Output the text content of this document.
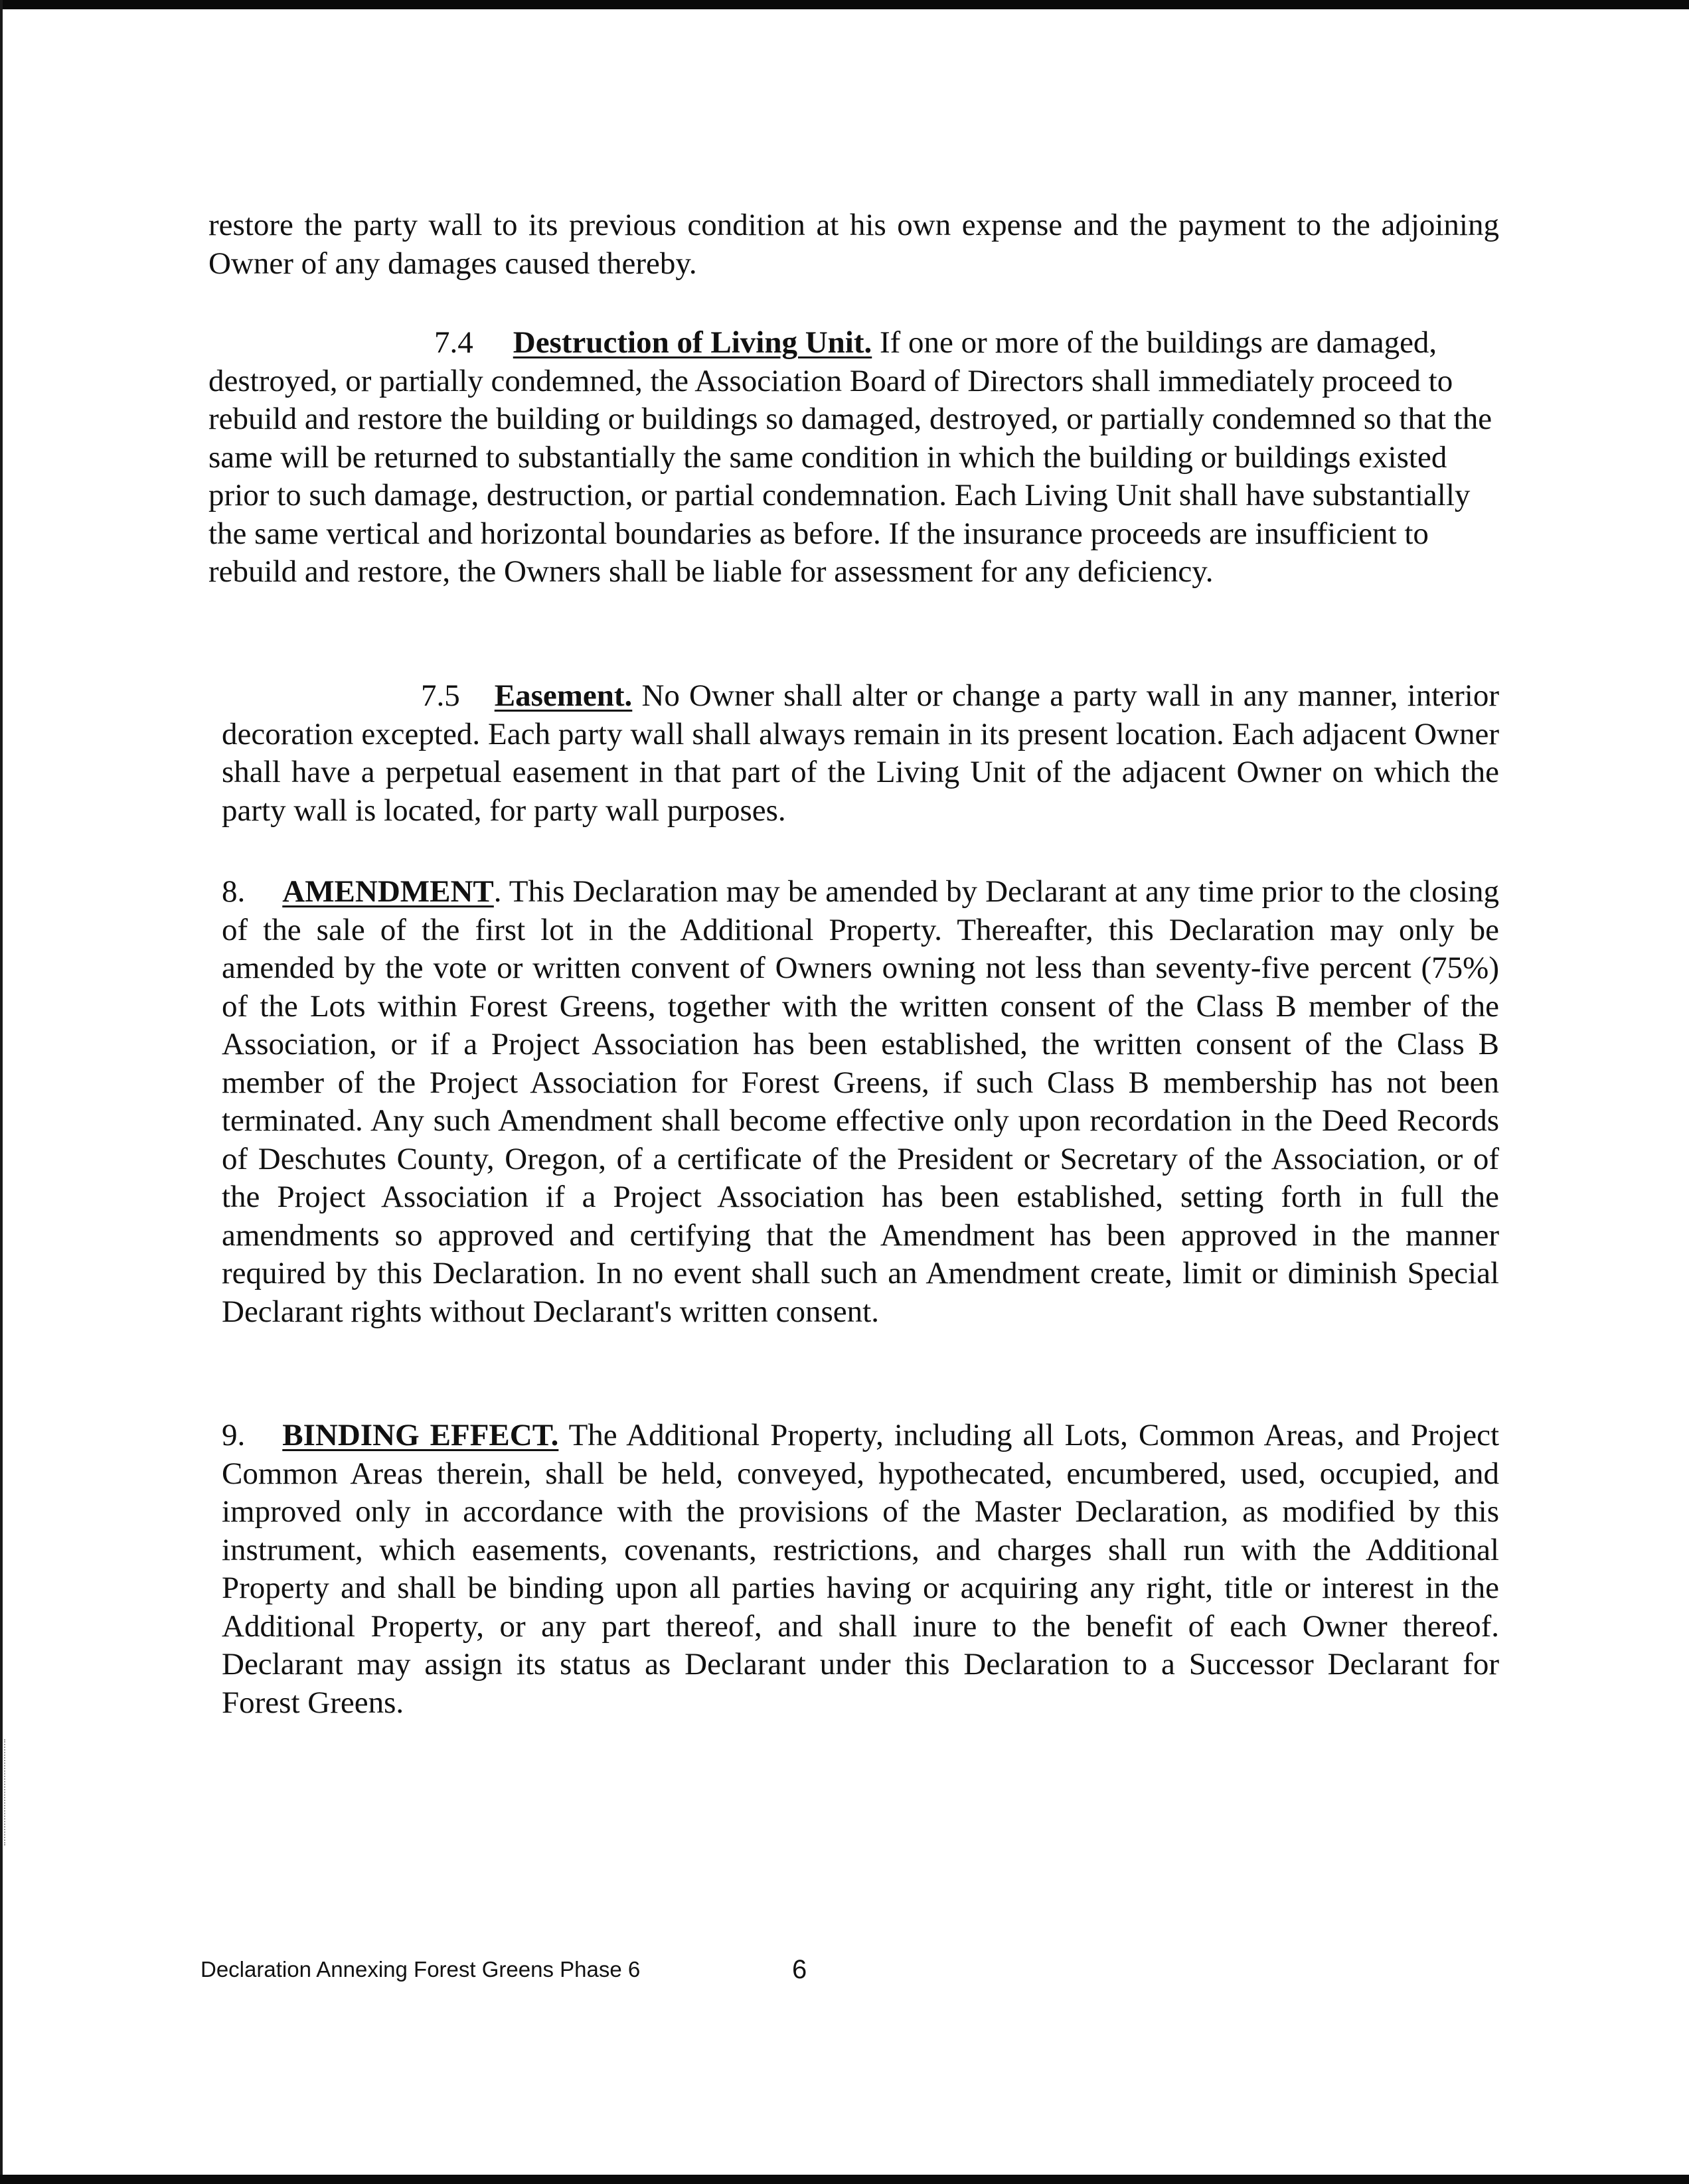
restore the party wall to its previous condition at his own expense and the payment to the adjoining Owner of any damages caused thereby.

7.4 Destruction of Living Unit. If one or more of the buildings are damaged, destroyed, or partially condemned, the Association Board of Directors shall immediately proceed to rebuild and restore the building or buildings so damaged, destroyed, or partially condemned so that the same will be returned to substantially the same condition in which the building or buildings existed prior to such damage, destruction, or partial condemnation. Each Living Unit shall have substantially the same vertical and horizontal boundaries as before. If the insurance proceeds are insufficient to rebuild and restore, the Owners shall be liable for assessment for any deficiency.

7.5 Easement. No Owner shall alter or change a party wall in any manner, interior decoration excepted. Each party wall shall always remain in its present location. Each adjacent Owner shall have a perpetual easement in that part of the Living Unit of the adjacent Owner on which the party wall is located, for party wall purposes.

8. AMENDMENT. This Declaration may be amended by Declarant at any time prior to the closing of the sale of the first lot in the Additional Property. Thereafter, this Declaration may only be amended by the vote or written convent of Owners owning not less than seventy-five percent (75%) of the Lots within Forest Greens, together with the written consent of the Class B member of the Association, or if a Project Association has been established, the written consent of the Class B member of the Project Association for Forest Greens, if such Class B membership has not been terminated. Any such Amendment shall become effective only upon recordation in the Deed Records of Deschutes County, Oregon, of a certificate of the President or Secretary of the Association, or of the Project Association if a Project Association has been established, setting forth in full the amendments so approved and certifying that the Amendment has been approved in the manner required by this Declaration. In no event shall such an Amendment create, limit or diminish Special Declarant rights without Declarant's written consent.

9. BINDING EFFECT. The Additional Property, including all Lots, Common Areas, and Project Common Areas therein, shall be held, conveyed, hypothecated, encumbered, used, occupied, and improved only in accordance with the provisions of the Master Declaration, as modified by this instrument, which easements, covenants, restrictions, and charges shall run with the Additional Property and shall be binding upon all parties having or acquiring any right, title or interest in the Additional Property, or any part thereof, and shall inure to the benefit of each Owner thereof. Declarant may assign its status as Declarant under this Declaration to a Successor Declarant for Forest Greens.

Declaration Annexing Forest Greens Phase 6	6
